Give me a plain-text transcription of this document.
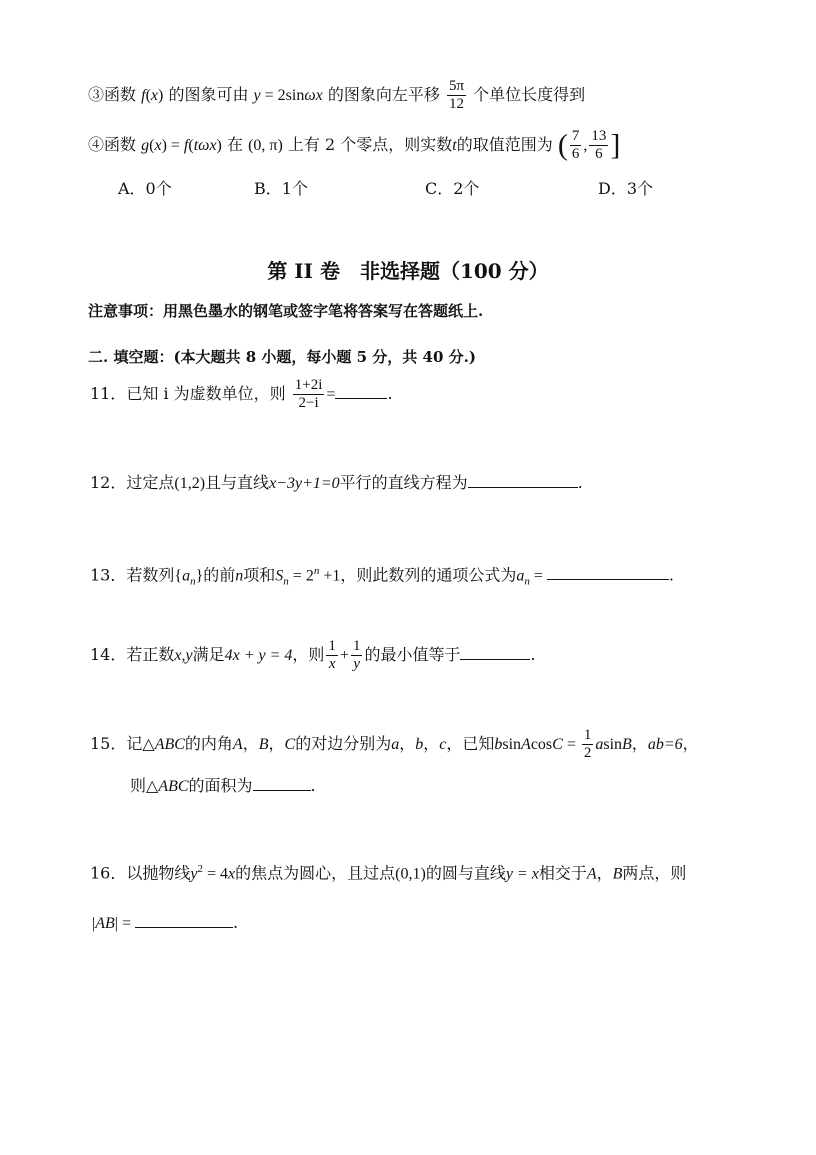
③函数 f(x) 的图象可由 y = 2sinωx 的图象向左平移 $\frac{5\pi}{12}$ 个单位长度得到
④函数 g(x) = f(tωx) 在 (0, π) 上有 2 个零点，则实数t的取值范围为 ( $\frac{7}{6}$ , $\frac{13}{6}$ ]
A．0个	B．1个	C．2个	D．3个
第 II 卷　非选择题（100 分）
注意事项：用黑色墨水的钢笔或签字笔将答案写在答题纸上.
二. 填空题：(本大题共 8 小题，每小题 5 分，共 40 分.)
11．已知 i 为虚数单位，则 $\frac{1+2i}{2-i}$ =	.
12．过定点(1,2)且与直线x−3y+1=0平行的直线方程为	.
13．若数列$\{a_n\}$的前n项和$S_n = 2^n +1$，则此数列的通项公式为$a_n$ =	.
14．若正数x,y满足4x + y = 4，则 $\frac{1}{x} + \frac{1}{y}$ 的最小值等于	.
15．记△ABC的内角A，B，C的对边分别为a，b，c，已知bsinAcosC = $\frac{1}{2}$ asinB，ab=6，
则△ABC的面积为	.
16．以抛物线$y^2 = 4x$的焦点为圆心，且过点(0,1)的圆与直线y = x相交于A，B两点，则
|AB| =	.
